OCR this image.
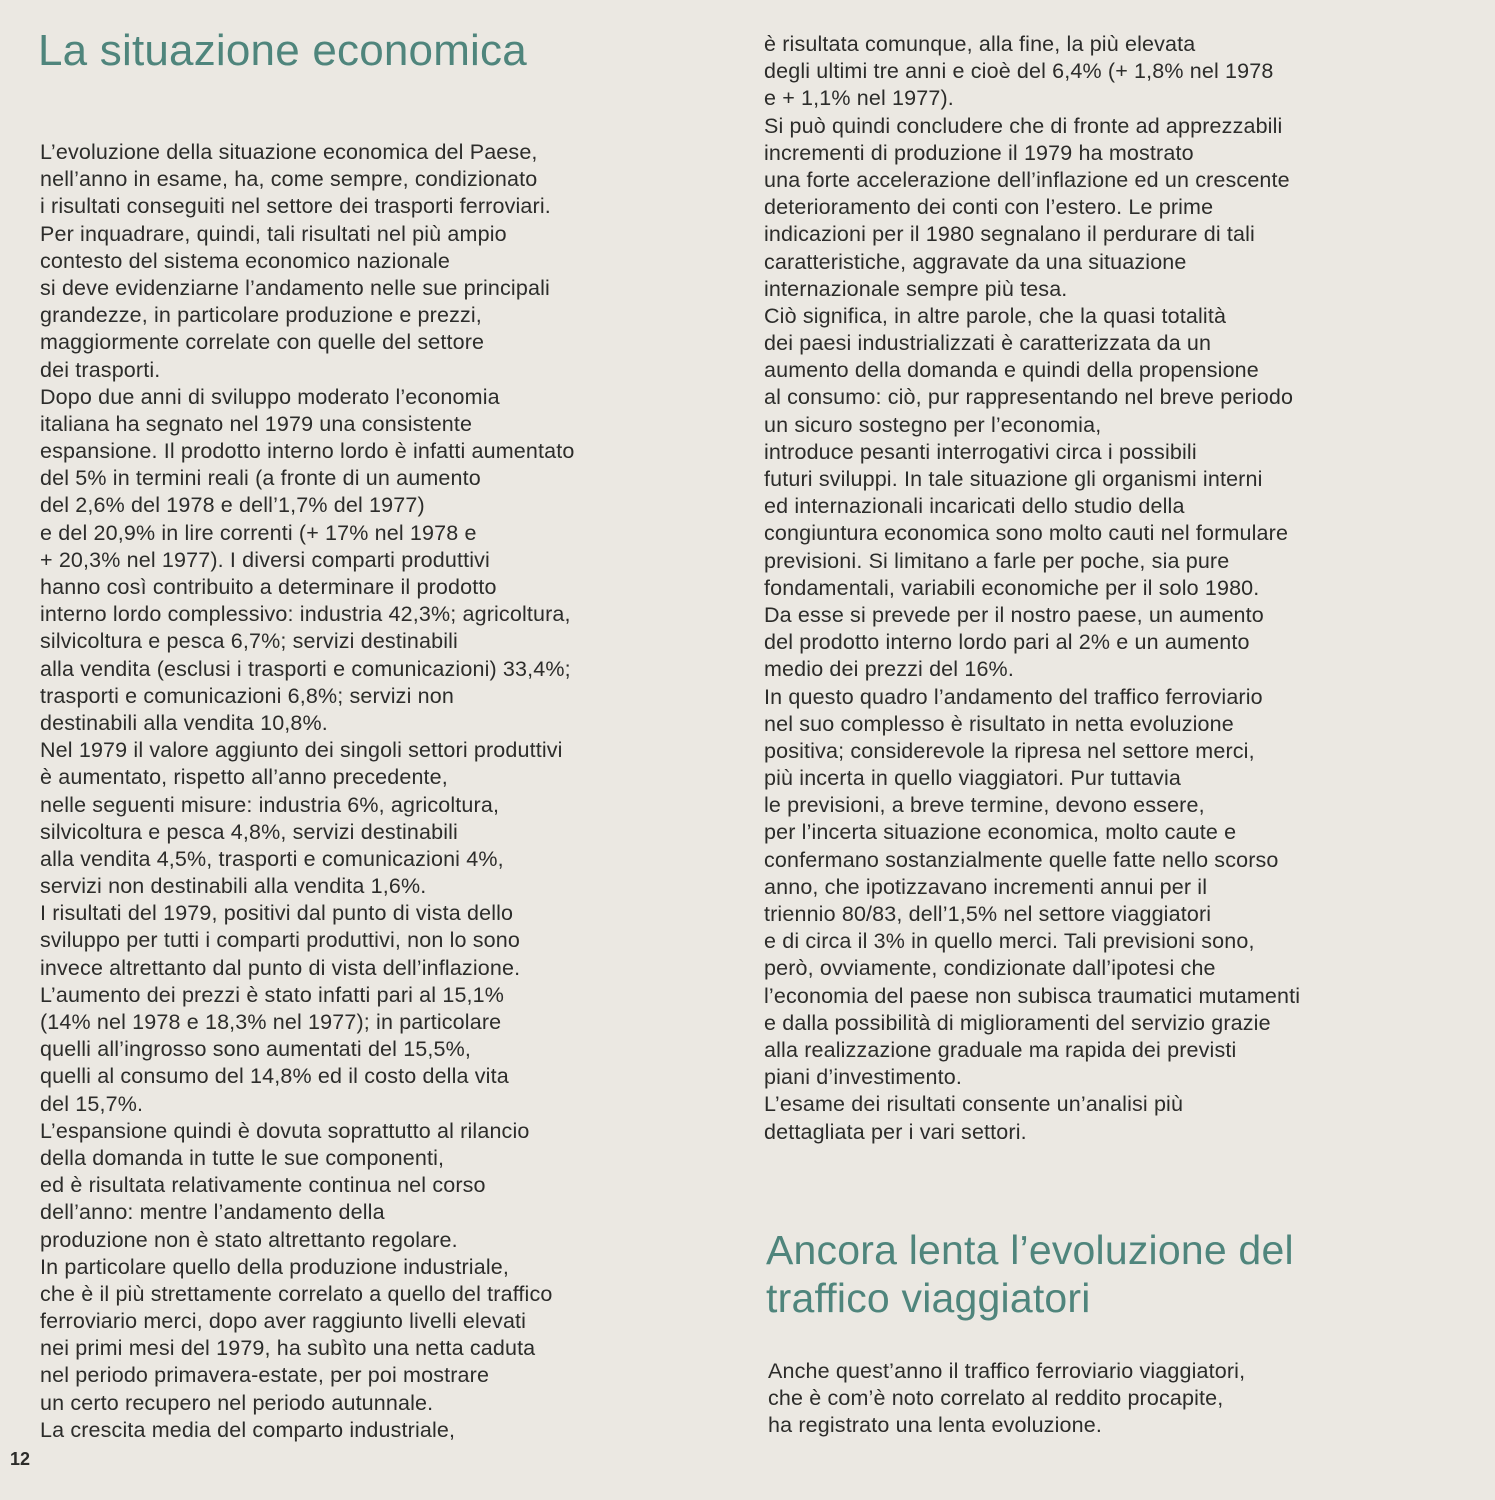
La situazione economica
L’evoluzione della situazione economica del Paese,
nell’anno in esame, ha, come sempre, condizionato
i risultati conseguiti nel settore dei trasporti ferroviari.
Per inquadrare, quindi, tali risultati nel più ampio
contesto del sistema economico nazionale
si deve evidenziarne l’andamento nelle sue principali
grandezze, in particolare produzione e prezzi,
maggiormente correlate con quelle del settore
dei trasporti.
Dopo due anni di sviluppo moderato l’economia
italiana ha segnato nel 1979 una consistente
espansione. Il prodotto interno lordo è infatti aumentato
del 5% in termini reali (a fronte di un aumento
del 2,6% del 1978 e dell’1,7% del 1977)
e del 20,9% in lire correnti (+ 17% nel 1978 e
+ 20,3% nel 1977). I diversi comparti produttivi
hanno così contribuito a determinare il prodotto
interno lordo complessivo: industria 42,3%; agricoltura,
silvicoltura e pesca 6,7%; servizi destinabili
alla vendita (esclusi i trasporti e comunicazioni) 33,4%;
trasporti e comunicazioni 6,8%; servizi non
destinabili alla vendita 10,8%.
Nel 1979 il valore aggiunto dei singoli settori produttivi
è aumentato, rispetto all’anno precedente,
nelle seguenti misure: industria 6%, agricoltura,
silvicoltura e pesca 4,8%, servizi destinabili
alla vendita 4,5%, trasporti e comunicazioni 4%,
servizi non destinabili alla vendita 1,6%.
I risultati del 1979, positivi dal punto di vista dello
sviluppo per tutti i comparti produttivi, non lo sono
invece altrettanto dal punto di vista dell’inflazione.
L’aumento dei prezzi è stato infatti pari al 15,1%
(14% nel 1978 e 18,3% nel 1977); in particolare
quelli all’ingrosso sono aumentati del 15,5%,
quelli al consumo del 14,8% ed il costo della vita
del 15,7%.
L’espansione quindi è dovuta soprattutto al rilancio
della domanda in tutte le sue componenti,
ed è risultata relativamente continua nel corso
dell’anno: mentre l’andamento della
produzione non è stato altrettanto regolare.
In particolare quello della produzione industriale,
che è il più strettamente correlato a quello del traffico
ferroviario merci, dopo aver raggiunto livelli elevati
nei primi mesi del 1979, ha subìto una netta caduta
nel periodo primavera-estate, per poi mostrare
un certo recupero nel periodo autunnale.
La crescita media del comparto industriale,
è risultata comunque, alla fine, la più elevata
degli ultimi tre anni e cioè del 6,4% (+ 1,8% nel 1978
e + 1,1% nel 1977).
Si può quindi concludere che di fronte ad apprezzabili
incrementi di produzione il 1979 ha mostrato
una forte accelerazione dell’inflazione ed un crescente
deterioramento dei conti con l’estero. Le prime
indicazioni per il 1980 segnalano il perdurare di tali
caratteristiche, aggravate da una situazione
internazionale sempre più tesa.
Ciò significa, in altre parole, che la quasi totalità
dei paesi industrializzati è caratterizzata da un
aumento della domanda e quindi della propensione
al consumo: ciò, pur rappresentando nel breve periodo
un sicuro sostegno per l’economia,
introduce pesanti interrogativi circa i possibili
futuri sviluppi. In tale situazione gli organismi interni
ed internazionali incaricati dello studio della
congiuntura economica sono molto cauti nel formulare
previsioni. Si limitano a farle per poche, sia pure
fondamentali, variabili economiche per il solo 1980.
Da esse si prevede per il nostro paese, un aumento
del prodotto interno lordo pari al 2% e un aumento
medio dei prezzi del 16%.
In questo quadro l’andamento del traffico ferroviario
nel suo complesso è risultato in netta evoluzione
positiva; considerevole la ripresa nel settore merci,
più incerta in quello viaggiatori. Pur tuttavia
le previsioni, a breve termine, devono essere,
per l’incerta situazione economica, molto caute e
confermano sostanzialmente quelle fatte nello scorso
anno, che ipotizzavano incrementi annui per il
triennio 80/83, dell’1,5% nel settore viaggiatori
e di circa il 3% in quello merci. Tali previsioni sono,
però, ovviamente, condizionate dall’ipotesi che
l’economia del paese non subisca traumatici mutamenti
e dalla possibilità di miglioramenti del servizio grazie
alla realizzazione graduale ma rapida dei previsti
piani d’investimento.
L’esame dei risultati consente un’analisi più
dettagliata per i vari settori.
Ancora lenta l’evoluzione del traffico viaggiatori
Anche quest’anno il traffico ferroviario viaggiatori,
che è com’è noto correlato al reddito procapite,
ha registrato una lenta evoluzione.
12
